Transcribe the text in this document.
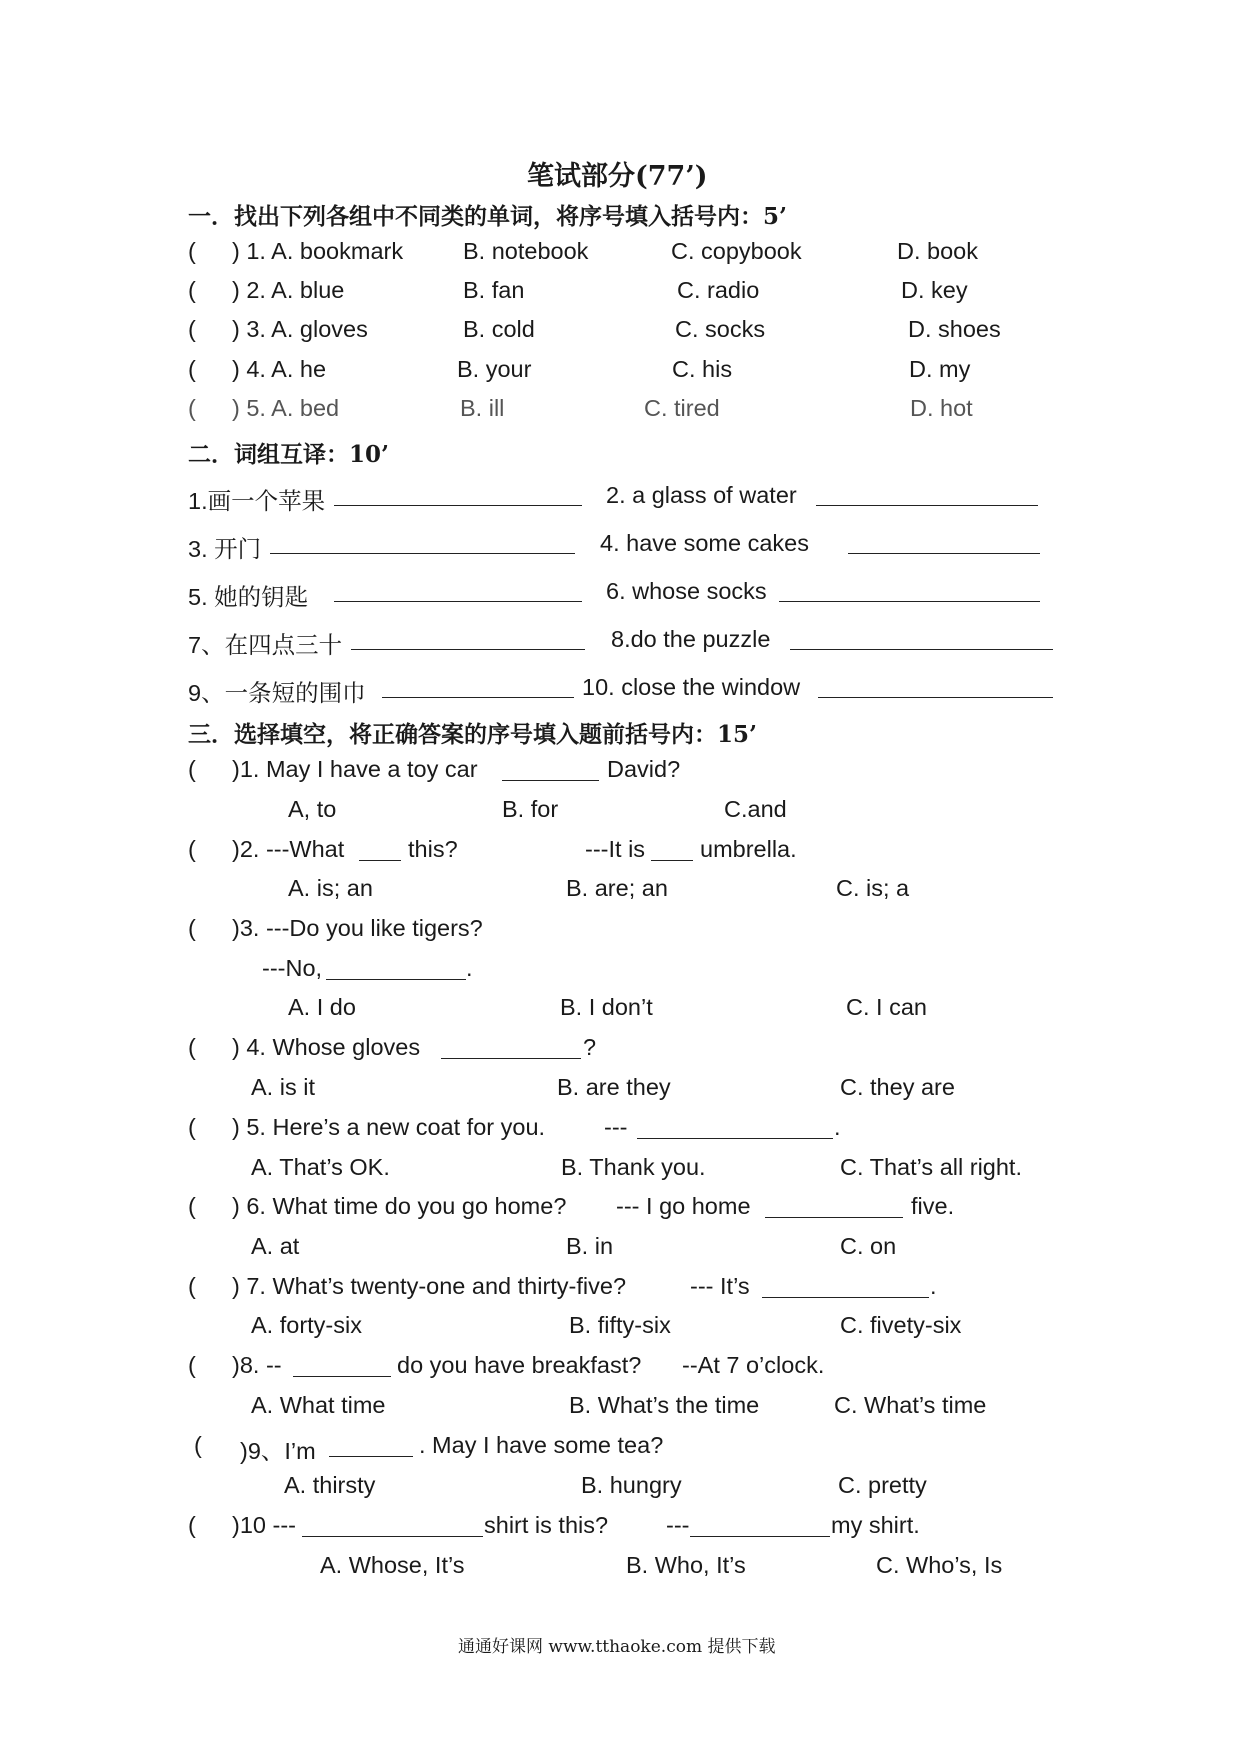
笔试部分(77’)
一．找出下列各组中不同类的单词，将序号填入括号内：5’
( ) 1. A. bookmark	B. notebook	C. copybook	D. book
( ) 2. A. blue	B. fan	C. radio	D. key
( ) 3. A. gloves	B. cold	C. socks	D. shoes
( ) 4. A. he	B. your	C. his	D. my
( ) 5. A. bed	B. ill	C. tired	D. hot
二．词组互译：10’
1.画一个苹果	2. a glass of water
3. 开门	4. have some cakes
5. 她的钥匙	6. whose socks
7、在四点三十	8.do the puzzle
9、一条短的围巾	10. close the window
三．选择填空，将正确答案的序号填入题前括号内：15’
( )1. May I have a toy car	David?
A, to	B. for	C.and
( )2. ---What	this?	---It is umbrella.
A. is; an	B. are; an	C. is; a
( )3. ---Do you like tigers?
---No,	.
A. I do	B. I don’t	C. I can
( ) 4. Whose gloves	?
A. is it	B. are they	C. they are
( ) 5. Here’s a new coat for you.	---	.
A. That’s OK.	B. Thank you.	C. That’s all right.
( ) 6. What time do you go home? --- I go home	five.
A. at	B. in	C. on
( ) 7. What’s twenty-one and thirty-five?	--- It’s	.
A. forty-six	B. fifty-six	C. fivety-six
( )8. --	do you have breakfast? --At 7 o’clock.
A. What time	B. What’s the time	C. What’s time
( )9、I’m	. May I have some tea?
A. thirsty	B. hungry	C. pretty
( )10 ---	shirt is this? ---	my shirt.
A. Whose, It’s	B. Who, It’s	C. Who’s, Is
通通好课网 www.tthaoke.com 提供下载
